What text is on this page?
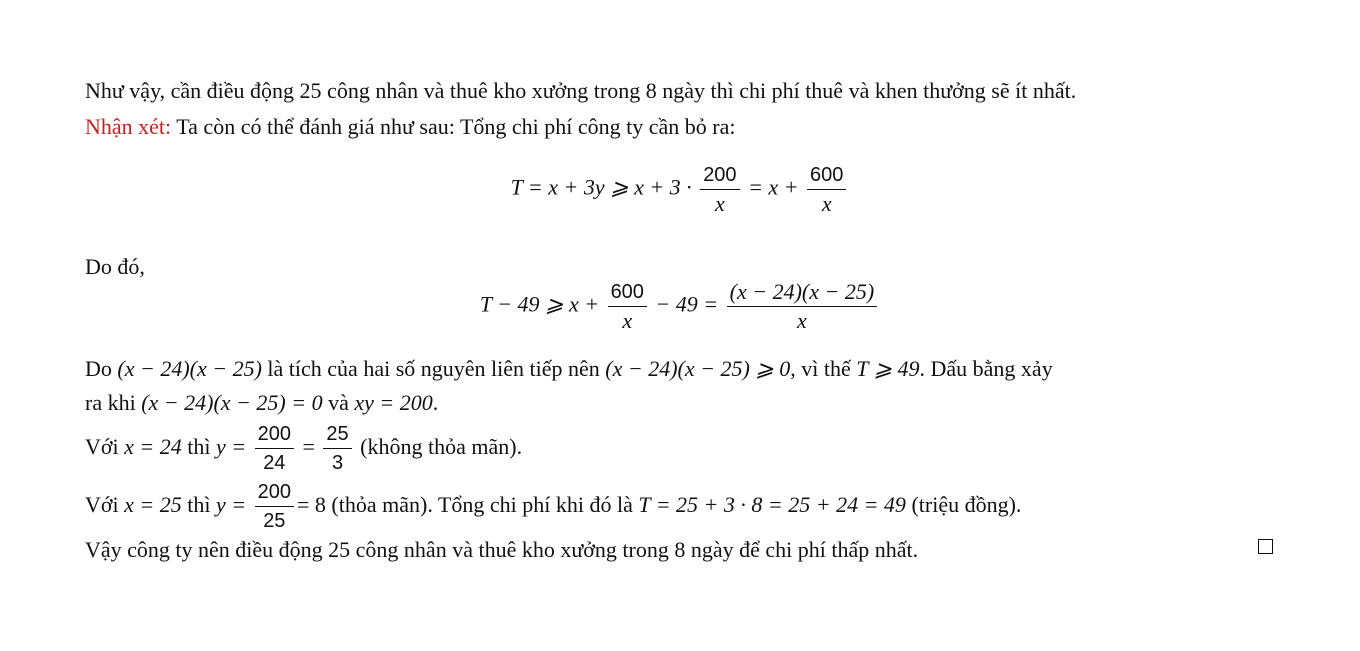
Như vậy, cần điều động 25 công nhân và thuê kho xưởng trong 8 ngày thì chi phí thuê và khen thưởng sẽ ít nhất.
Nhận xét: Ta còn có thể đánh giá như sau: Tổng chi phí công ty cần bỏ ra:
T = x + 3y ⩾ $x + 3 \cdot \frac{200}{x} = x + \frac{600}{x}$
Do đó,
T − 49 ⩾ $x + \frac{600}{x} - 49 = \frac{(x - 24)(x - 25)}{x}$
Do (x − 24)(x − 25) là tích của hai số nguyên liên tiếp nên (x − 24)(x − 25) ⩾ 0, vì thế T ⩾ 49. Dấu bằng xảy
ra khi (x − 24)(x − 25) = 0 và xy = 200.
Với x = 24 thì $y = \frac{200}{24} = \frac{25}{3}$ (không thỏa mãn).
Với x = 25 thì $y = \frac{200}{25} = 8$ (thỏa mãn). Tổng chi phí khi đó là T = 25 + 3 · 8 = 25 + 24 = 49 (triệu đồng).
Vậy công ty nên điều động 25 công nhân và thuê kho xưởng trong 8 ngày để chi phí thấp nhất.
